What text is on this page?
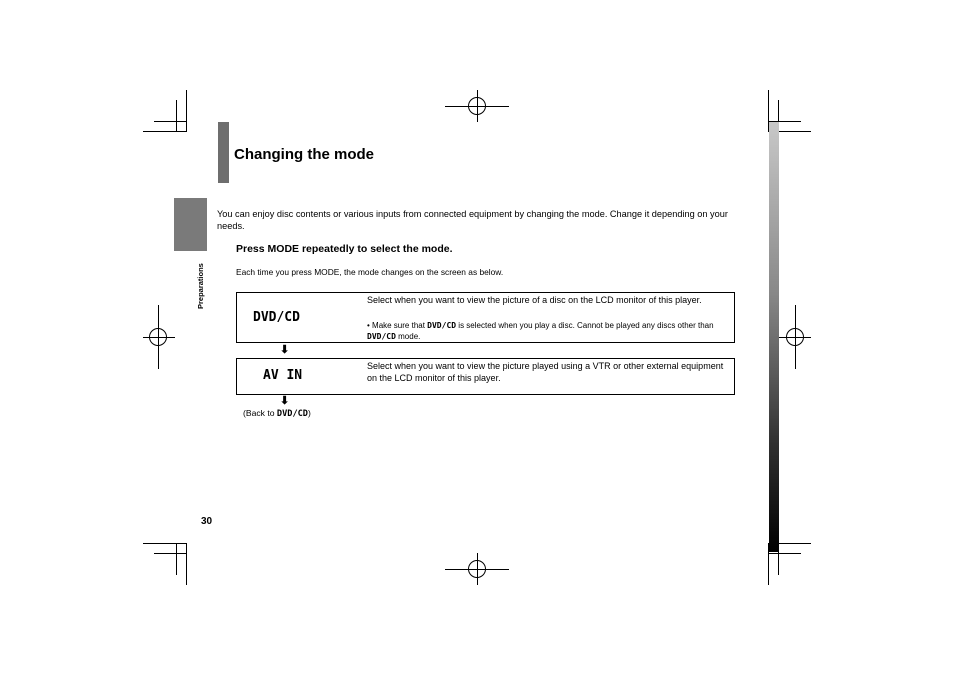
Changing the mode
Preparations
You can enjoy disc contents or various inputs from connected equipment by changing the mode. Change it depending on your needs.
Press MODE repeatedly to select the mode.
Each time you press MODE, the mode changes on the screen as below.
DVD/CD
Select when you want to view the picture of a disc on the LCD monitor of this player.
• Make sure that DVD/CD is selected when you play a disc. Cannot be played any discs other than DVD/CD mode.
⬇
AV IN
Select when you want to view the picture played using a VTR or other external equipment on the LCD monitor of this player.
⬇
(Back to DVD/CD)
30
